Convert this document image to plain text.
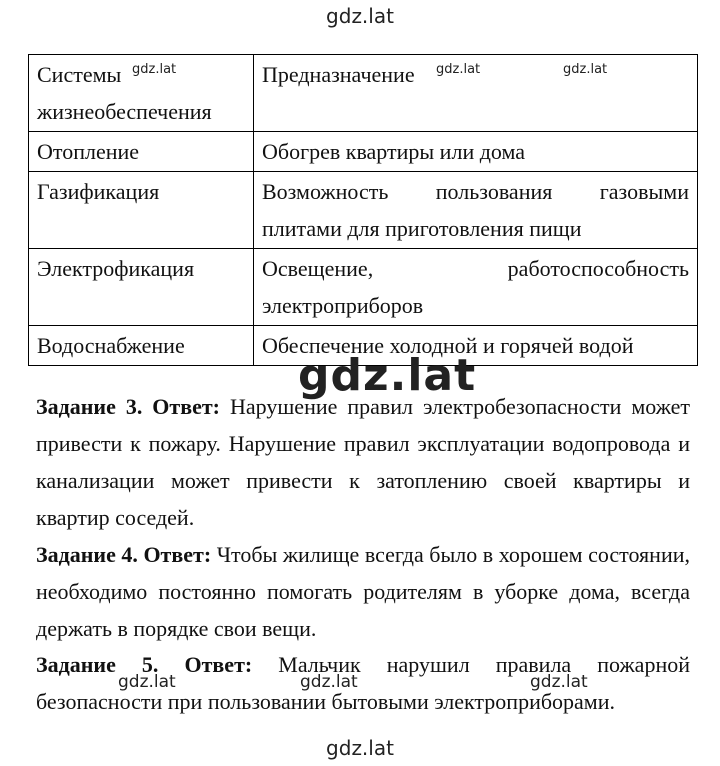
gdz.lat
Системы жизнеобеспечения	Предназначение
Отопление	Обогрев квартиры или дома
Газификация	Возможность пользования газовыми плитами для приготовления пищи
Электрофикация	Освещение, работоспособность электроприборов
Водоснабжение	Обеспечение холодной и горячей водой
gdz.lat	gdz.lat	gdz.lat
gdz.lat
Задание 3. Ответ: Нарушение правил электробезопасности может привести к пожару. Нарушение правил эксплуатации водопровода и канализации может привести к затоплению своей квартиры и квартир соседей.
Задание 4. Ответ: Чтобы жилище всегда было в хорошем состоянии, необходимо постоянно помогать родителям в уборке дома, всегда держать в порядке свои вещи.
Задание 5. Ответ: Мальчик нарушил правила пожарной безопасности при пользовании бытовыми электроприборами.
gdz.lat	gdz.lat	gdz.lat
gdz.lat
